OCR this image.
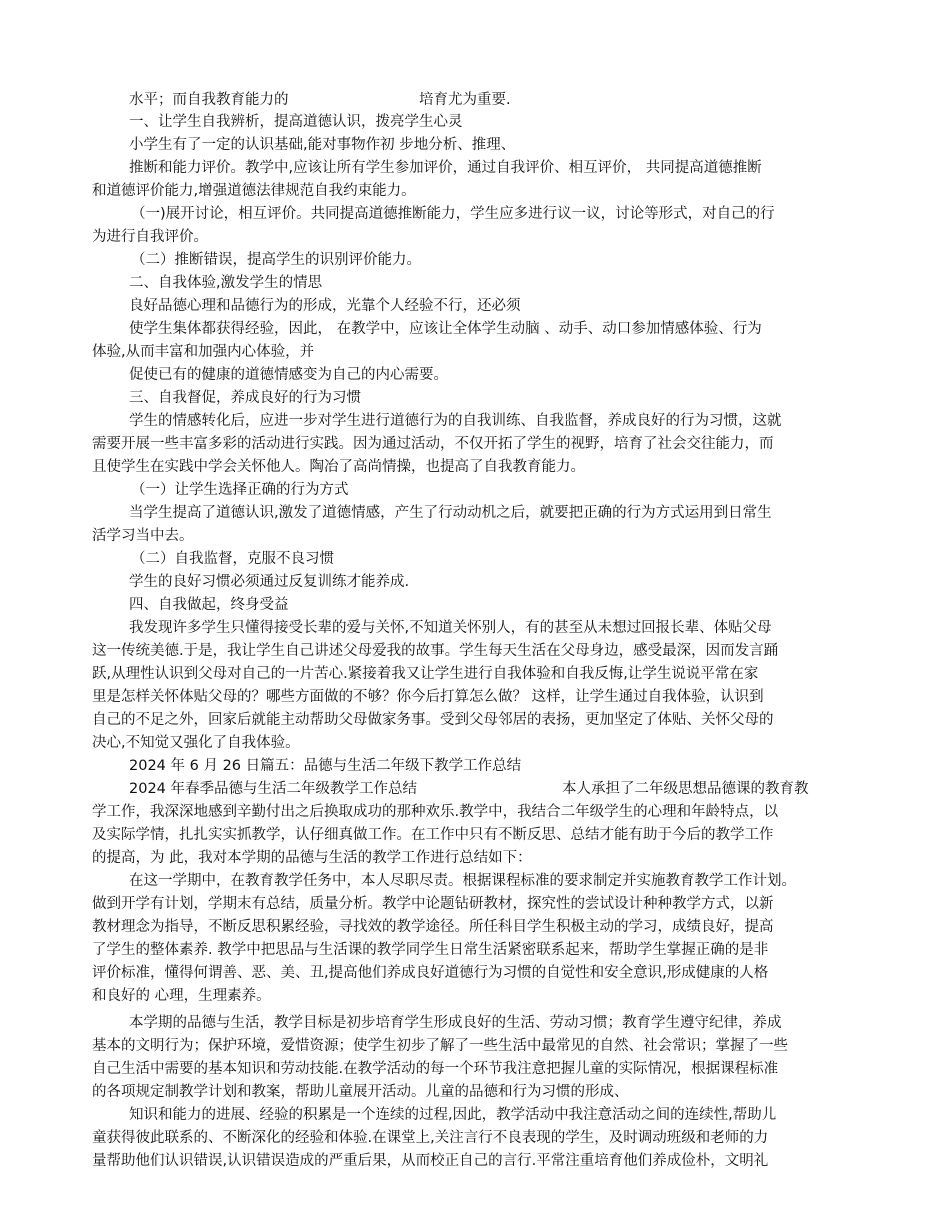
水平；而自我教育能力的　　　　　　　　　培育尤为重要.
一、让学生自我辨析，提高道德认识，拨亮学生心灵
小学生有了一定的认识基础,能对事物作初 步地分析、推理、
推断和能力评价。教学中,应该让所有学生参加评价，通过自我评价、相互评价， 共同提高道德推断
和道德评价能力,增强道德法律规范自我约束能力。
（一)展开讨论，相互评价。共同提高道德推断能力，学生应多进行议一议，讨论等形式，对自己的行
为进行自我评价。
（二）推断错误，提高学生的识别评价能力。
二、自我体验,激发学生的情思
良好品德心理和品德行为的形成，光靠个人经验不行，还必须
使学生集体都获得经验，因此， 在教学中，应该让全体学生动脑 、动手、动口参加情感体验、行为
体验,从而丰富和加强内心体验，并
促使已有的健康的道德情感变为自己的内心需要。
三、自我督促，养成良好的行为习惯
学生的情感转化后，应进一步对学生进行道德行为的自我训练、自我监督，养成良好的行为习惯，这就
需要开展一些丰富多彩的活动进行实践。因为通过活动，不仅开拓了学生的视野，培育了社会交往能力，而
且使学生在实践中学会关怀他人。陶冶了高尚情操，也提高了自我教育能力。
（一）让学生选择正确的行为方式
当学生提高了道德认识,激发了道德情感，产生了行动动机之后，就要把正确的行为方式运用到日常生
活学习当中去。
（二）自我监督，克服不良习惯
学生的良好习惯必须通过反复训练才能养成.
四、自我做起，终身受益
我发现许多学生只懂得接受长辈的爱与关怀,不知道关怀别人，有的甚至从未想过回报长辈、体贴父母
这一传统美德.于是，我让学生自己讲述父母爱我的故事。学生每天生活在父母身边，感受最深，因而发言踊
跃,从理性认识到父母对自己的一片苦心.紧接着我又让学生进行自我体验和自我反悔,让学生说说平常在家
里是怎样关怀体贴父母的？哪些方面做的不够？你今后打算怎么做？ 这样，让学生通过自我体验，认识到
自己的不足之外，回家后就能主动帮助父母做家务事。受到父母邻居的表扬，更加坚定了体贴、关怀父母的
决心,不知觉又强化了自我体验。
2024 年 6 月 26 日篇五：品德与生活二年级下教学工作总结
2024 年春季品德与生活二年级教学工作总结　　　　　　　　　　本人承担了二年级思想品德课的教育教
学工作，我深深地感到辛勤付出之后换取成功的那种欢乐.教学中，我结合二年级学生的心理和年龄特点，以
及实际学情，扎扎实实抓教学，认仔细真做工作。在工作中只有不断反思、总结才能有助于今后的教学工作
的提高，为 此，我对本学期的品德与生活的教学工作进行总结如下：
在这一学期中，在教育教学任务中，本人尽职尽责。根据课程标准的要求制定并实施教育教学工作计划。
做到开学有计划，学期末有总结，质量分析。教学中论题钻研教材，探究性的尝试设计种种教学方式，以新
教材理念为指导，不断反思积累经验，寻找效的教学途径。所任科目学生积极主动的学习，成绩良好，提高
了学生的整体素养. 教学中把思品与生活课的教学同学生日常生活紧密联系起来，帮助学生掌握正确的是非
评价标准，懂得何谓善、恶、美、丑,提高他们养成良好道德行为习惯的自觉性和安全意识,形成健康的人格
和良好的 心理，生理素养。
本学期的品德与生活，教学目标是初步培育学生形成良好的生活、劳动习惯；教育学生遵守纪律，养成
基本的文明行为；保护环境，爱惜资源；使学生初步了解了一些生活中最常见的自然、社会常识；掌握了一些
自己生活中需要的基本知识和劳动技能.在教学活动的每一个环节我注意把握儿童的实际情况，根据课程标准
的各项规定制教学计划和教案，帮助儿童展开活动。儿童的品德和行为习惯的形成、
知识和能力的进展、经验的积累是一个连续的过程,因此，教学活动中我注意活动之间的连续性,帮助儿
童获得彼此联系的、不断深化的经验和体验.在课堂上,关注言行不良表现的学生，及时调动班级和老师的力
量帮助他们认识错误,认识错误造成的严重后果，从而校正自己的言行.平常注重培育他们养成俭朴，文明礼
